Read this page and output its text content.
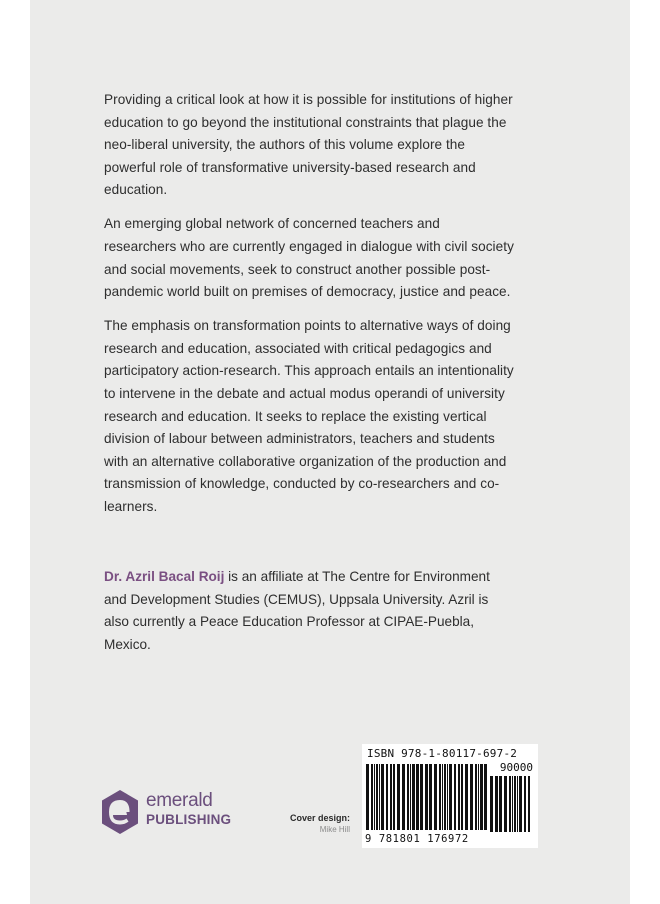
Providing a critical look at how it is possible for institutions of higher education to go beyond the institutional constraints that plague the neo-liberal university, the authors of this volume explore the powerful role of transformative university-based research and education.

An emerging global network of concerned teachers and researchers who are currently engaged in dialogue with civil society and social movements, seek to construct another possible post-pandemic world built on premises of democracy, justice and peace.

The emphasis on transformation points to alternative ways of doing research and education, associated with critical pedagogics and participatory action-research. This approach entails an intentionality to intervene in the debate and actual modus operandi of university research and education. It seeks to replace the existing vertical division of labour between administrators, teachers and students with an alternative collaborative organization of the production and transmission of knowledge, conducted by co-researchers and co-learners.

Dr. Azril Bacal Roij is an affiliate at The Centre for Environment and Development Studies (CEMUS), Uppsala University. Azril is also currently a Peace Education Professor at CIPAE-Puebla, Mexico.
emerald
PUBLISHING	Cover design:
Mike Hill
ISBN 978-1-80117-697-2
90000
9 781801 176972
